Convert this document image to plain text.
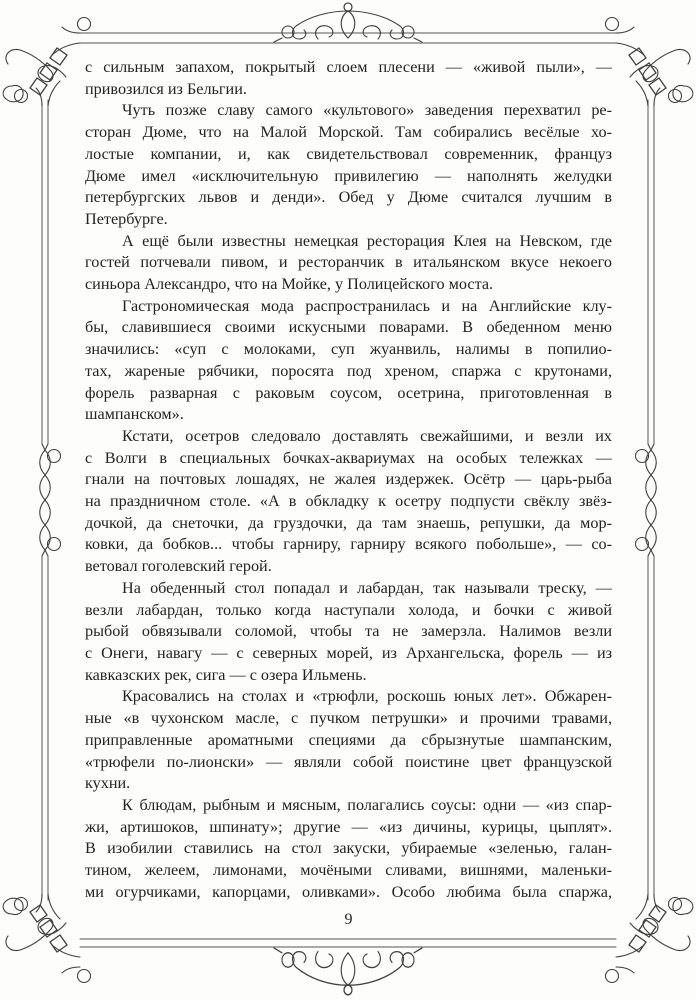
с сильным запахом, покрытый слоем плесени — «живой пыли», —
привозился из Бельгии.

Чуть позже славу самого «культового» заведения перехватил ре-
сторан Дюме, что на Малой Морской. Там собирались весёлые хо-
лостые компании, и, как свидетельствовал современник, француз
Дюме имел «исключительную привилегию — наполнять желудки
петербургских львов и денди». Обед у Дюме считался лучшим в
Петербурге.

А ещё были известны немецкая ресторация Клея на Невском, где
гостей потчевали пивом, и ресторанчик в итальянском вкусе некоего
синьора Александро, что на Мойке, у Полицейского моста.

Гастрономическая мода распространилась и на Английские клу-
бы, славившиеся своими искусными поварами. В обеденном меню
значились: «суп с молоками, суп жуанвиль, налимы в попилио-
тах, жареные рябчики, поросята под хреном, спаржа с крутонами,
форель разварная с раковым соусом, осетрина, приготовленная в
шампанском».

Кстати, осетров следовало доставлять свежайшими, и везли их
с Волги в специальных бочках-аквариумах на особых тележках —
гнали на почтовых лошадях, не жалея издержек. Осётр — царь-рыба
на праздничном столе. «А в обкладку к осетру подпусти свёклу звёз-
дочкой, да снеточки, да груздочки, да там знаешь, репушки, да мор-
ковки, да бобков... чтобы гарниру, гарниру всякого побольше», — со-
ветовал гоголевский герой.

На обеденный стол попадал и лабардан, так называли треску, —
везли лабардан, только когда наступали холода, и бочки с живой
рыбой обвязывали соломой, чтобы та не замерзла. Налимов везли
с Онеги, навагу — с северных морей, из Архангельска, форель — из
кавказских рек, сига — с озера Ильмень.

Красовались на столах и «трюфли, роскошь юных лет». Обжарен-
ные «в чухонском масле, с пучком петрушки» и прочими травами,
приправленные ароматными специями да сбрызнутые шампанским,
«трюфели по-лионски» — являли собой поистине цвет французской
кухни.

К блюдам, рыбным и мясным, полагались соусы: одни — «из спар-
жи, артишоков, шпинату»; другие — «из дичины, курицы, цыплят».
В изобилии ставились на стол закуски, убираемые «зеленью, галан-
тином, желеем, лимонами, мочёными сливами, вишнями, маленьки-
ми огурчиками, капорцами, оливками». Особо любима была спаржа,

9
